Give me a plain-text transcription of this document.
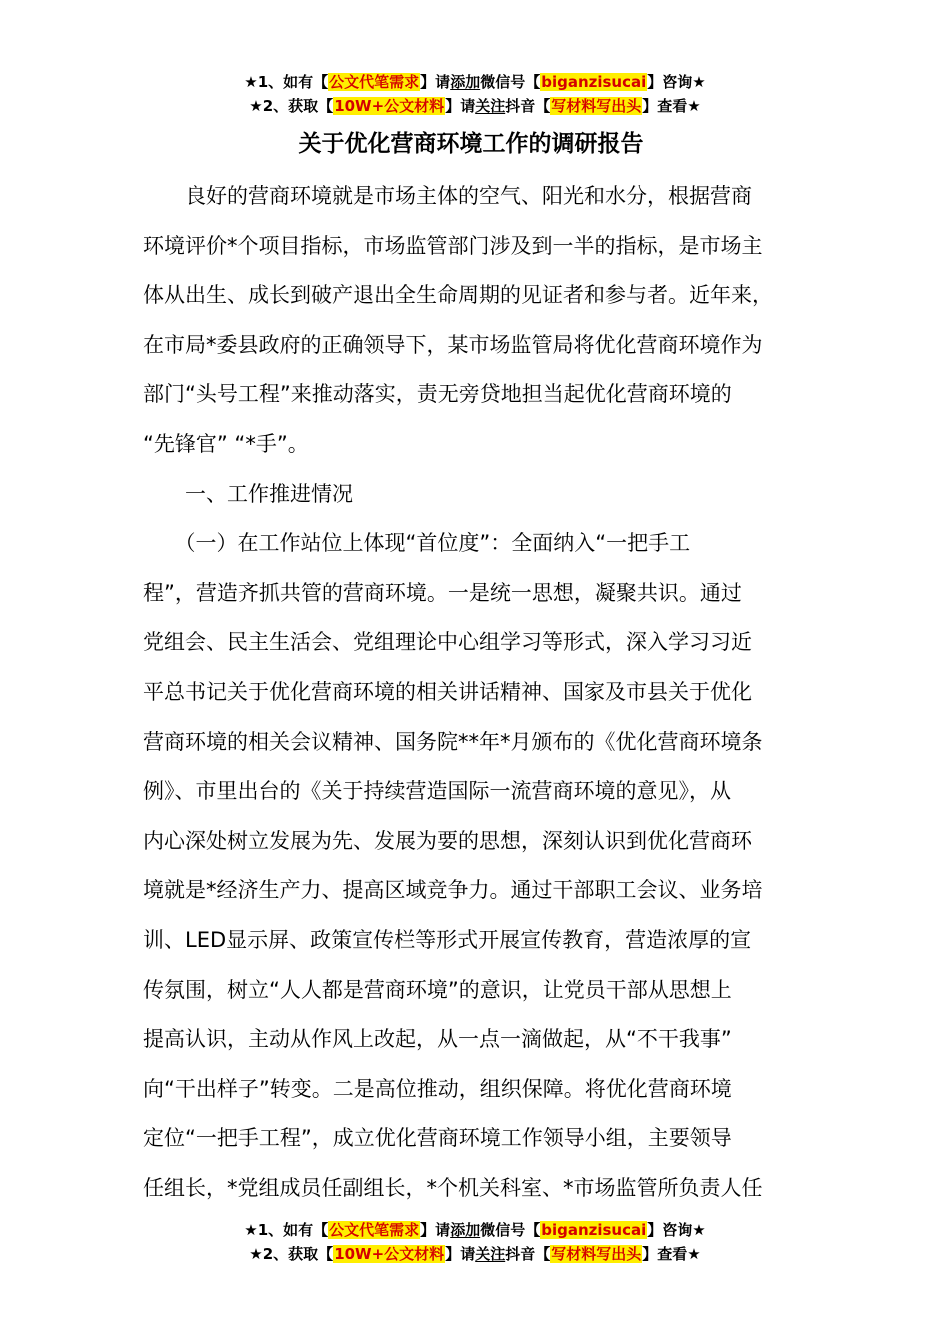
★1、如有【公文代笔需求】请添加微信号【biganzisucai】咨询★
★2、获取【10W+公文材料】请关注抖音【写材料写出头】查看★
关于优化营商环境工作的调研报告
　　良好的营商环境就是市场主体的空气、阳光和水分，根据营商
环境评价*个项目指标，市场监管部门涉及到一半的指标，是市场主
体从出生、成长到破产退出全生命周期的见证者和参与者。近年来，
在市局*委县政府的正确领导下，某市场监管局将优化营商环境作为
部门“头号工程”来推动落实，责无旁贷地担当起优化营商环境的
“先锋官” “*手”。
　　一、工作推进情况
　　（一）在工作站位上体现“首位度”：全面纳入“一把手工
程”，营造齐抓共管的营商环境。一是统一思想，凝聚共识。通过
党组会、民主生活会、党组理论中心组学习等形式，深入学习习近
平总书记关于优化营商环境的相关讲话精神、国家及市县关于优化
营商环境的相关会议精神、国务院**年*月颁布的《优化营商环境条
例》、市里出台的《关于持续营造国际一流营商环境的意见》，从
内心深处树立发展为先、发展为要的思想，深刻认识到优化营商环
境就是*经济生产力、提高区域竞争力。通过干部职工会议、业务培
训、LED显示屏、政策宣传栏等形式开展宣传教育，营造浓厚的宣
传氛围，树立“人人都是营商环境”的意识，让党员干部从思想上
提高认识，主动从作风上改起，从一点一滴做起，从“不干我事”
向“干出样子”转变。二是高位推动，组织保障。将优化营商环境
定位“一把手工程”，成立优化营商环境工作领导小组，主要领导
任组长，*党组成员任副组长，*个机关科室、*市场监管所负责人任
★1、如有【公文代笔需求】请添加微信号【biganzisucai】咨询★
★2、获取【10W+公文材料】请关注抖音【写材料写出头】查看★
